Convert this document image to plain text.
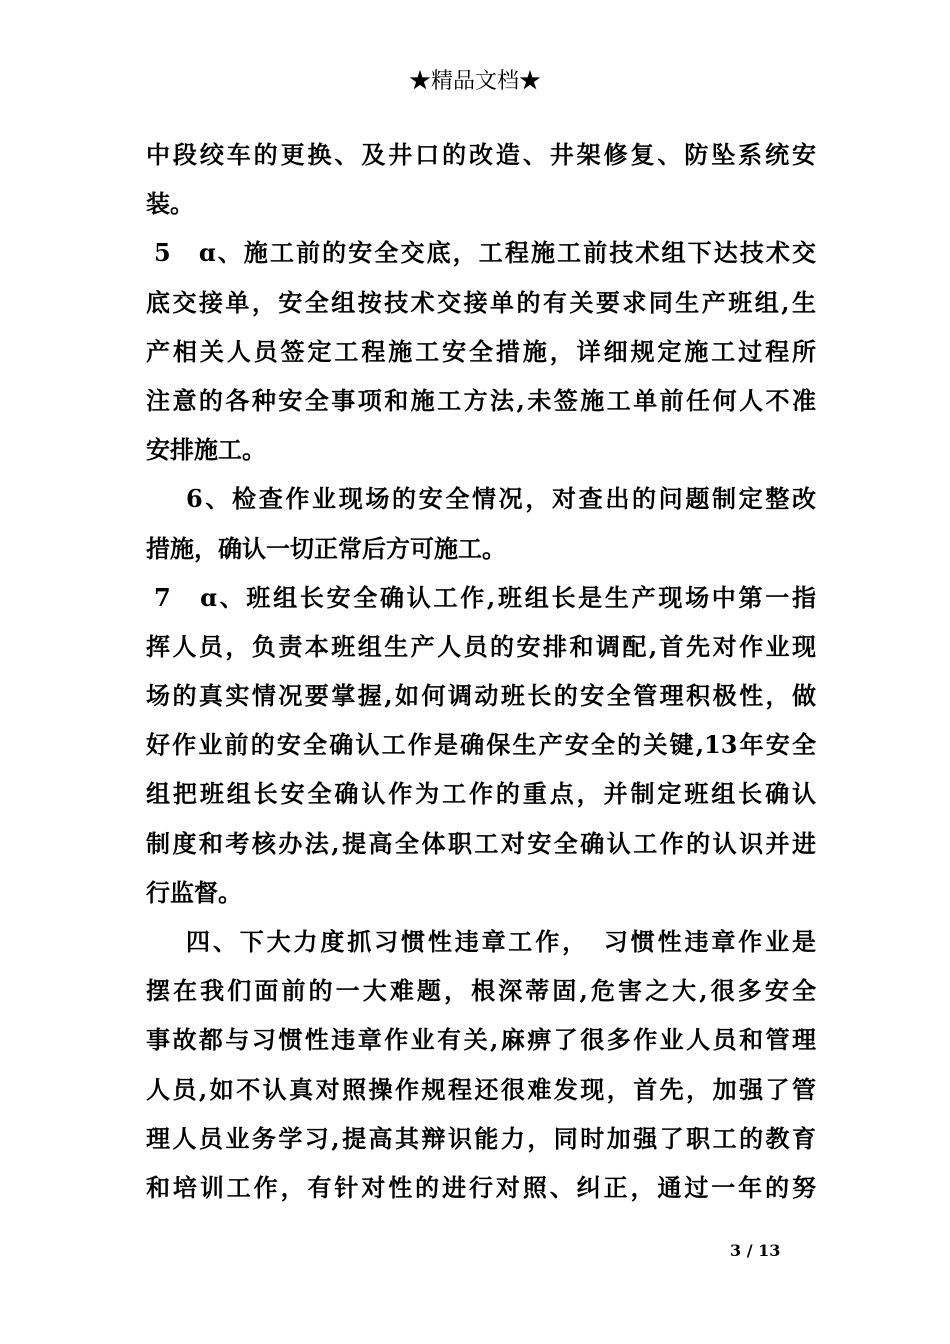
★精品文档★
中段绞车的更换、及井口的改造、井架修复、防坠系统安
装。
5　ɑ、施工前的安全交底，工程施工前技术组下达技术交
底交接单，安全组按技术交接单的有关要求同生产班组,生
产相关人员签定工程施工安全措施，详细规定施工过程所
注意的各种安全事项和施工方法,未签施工单前任何人不准
安排施工。
6、检查作业现场的安全情况，对查出的问题制定整改
措施，确认一切正常后方可施工。
7　ɑ、班组长安全确认工作,班组长是生产现场中第一指
挥人员，负责本班组生产人员的安排和调配,首先对作业现
场的真实情况要掌握,如何调动班长的安全管理积极性，做
好作业前的安全确认工作是确保生产安全的关键,13年安全
组把班组长安全确认作为工作的重点，并制定班组长确认
制度和考核办法,提高全体职工对安全确认工作的认识并进
行监督。
四、下大力度抓习惯性违章工作，　习惯性违章作业是
摆在我们面前的一大难题，根深蒂固,危害之大,很多安全
事故都与习惯性违章作业有关,麻痹了很多作业人员和管理
人员,如不认真对照操作规程还很难发现，首先，加强了管
理人员业务学习,提高其辩识能力，同时加强了职工的教育
和培训工作，有针对性的进行对照、纠正，通过一年的努
3 / 13
